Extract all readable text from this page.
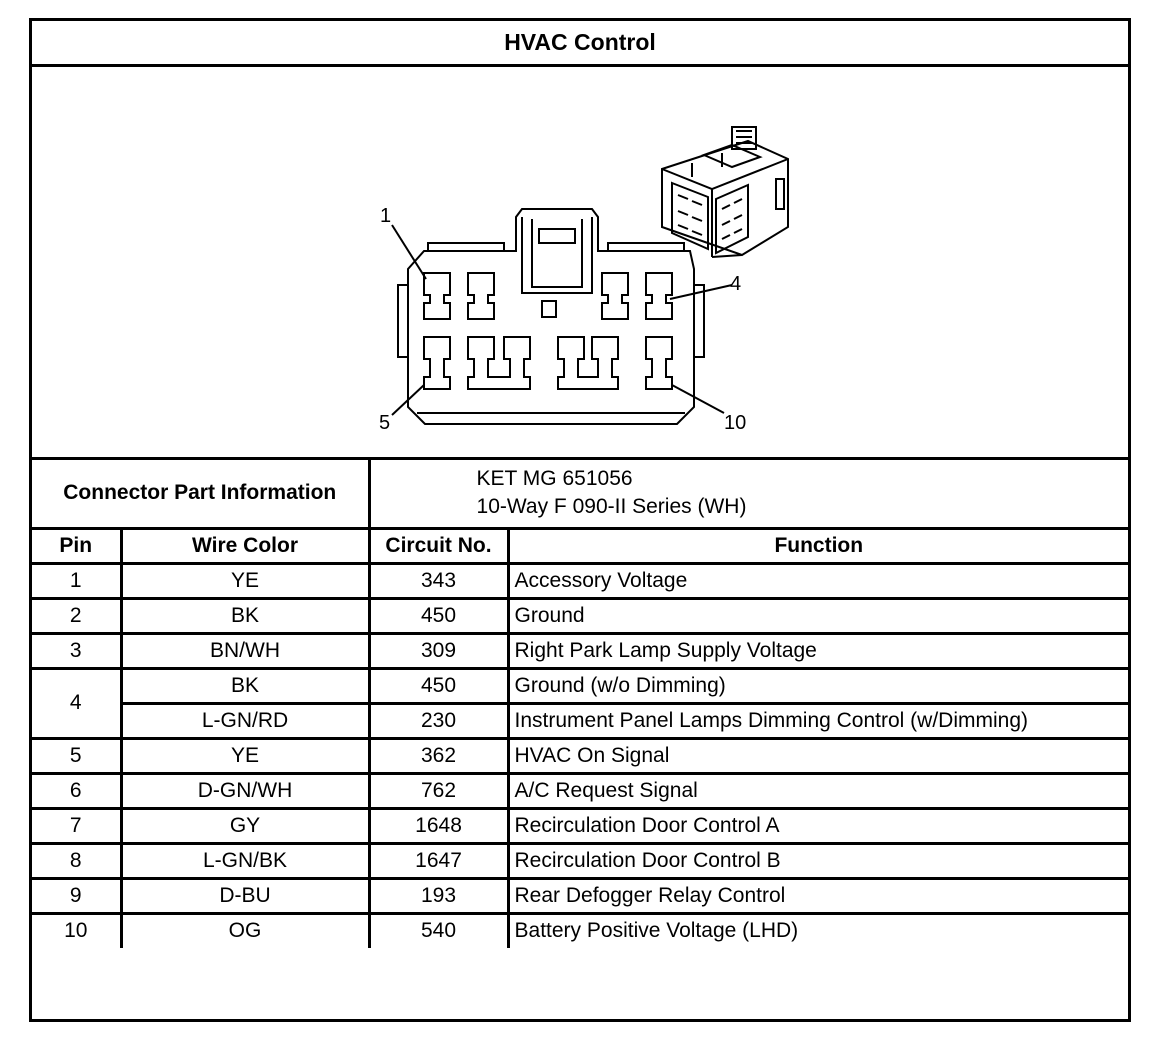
HVAC Control
1
4
5	10
Connector Part Information		KET MG 651056
10-Way F 090-II Series (WH)	

Pin	Wire Color	Circuit No.	Function
1	YE	343	Accessory Voltage
2	BK	450	Ground
3	BN/WH	309	Right Park Lamp Supply Voltage
4	BK	450	Ground (w/o Dimming)
	L-GN/RD	230	Instrument Panel Lamps Dimming Control (w/Dimming)
5	YE	362	HVAC On Signal
6	D-GN/WH	762	A/C Request Signal
7	GY	1648	Recirculation Door Control A
8	L-GN/BK	1647	Recirculation Door Control B
9	D-BU	193	Rear Defogger Relay Control
10	OG	540	Battery Positive Voltage (LHD)
